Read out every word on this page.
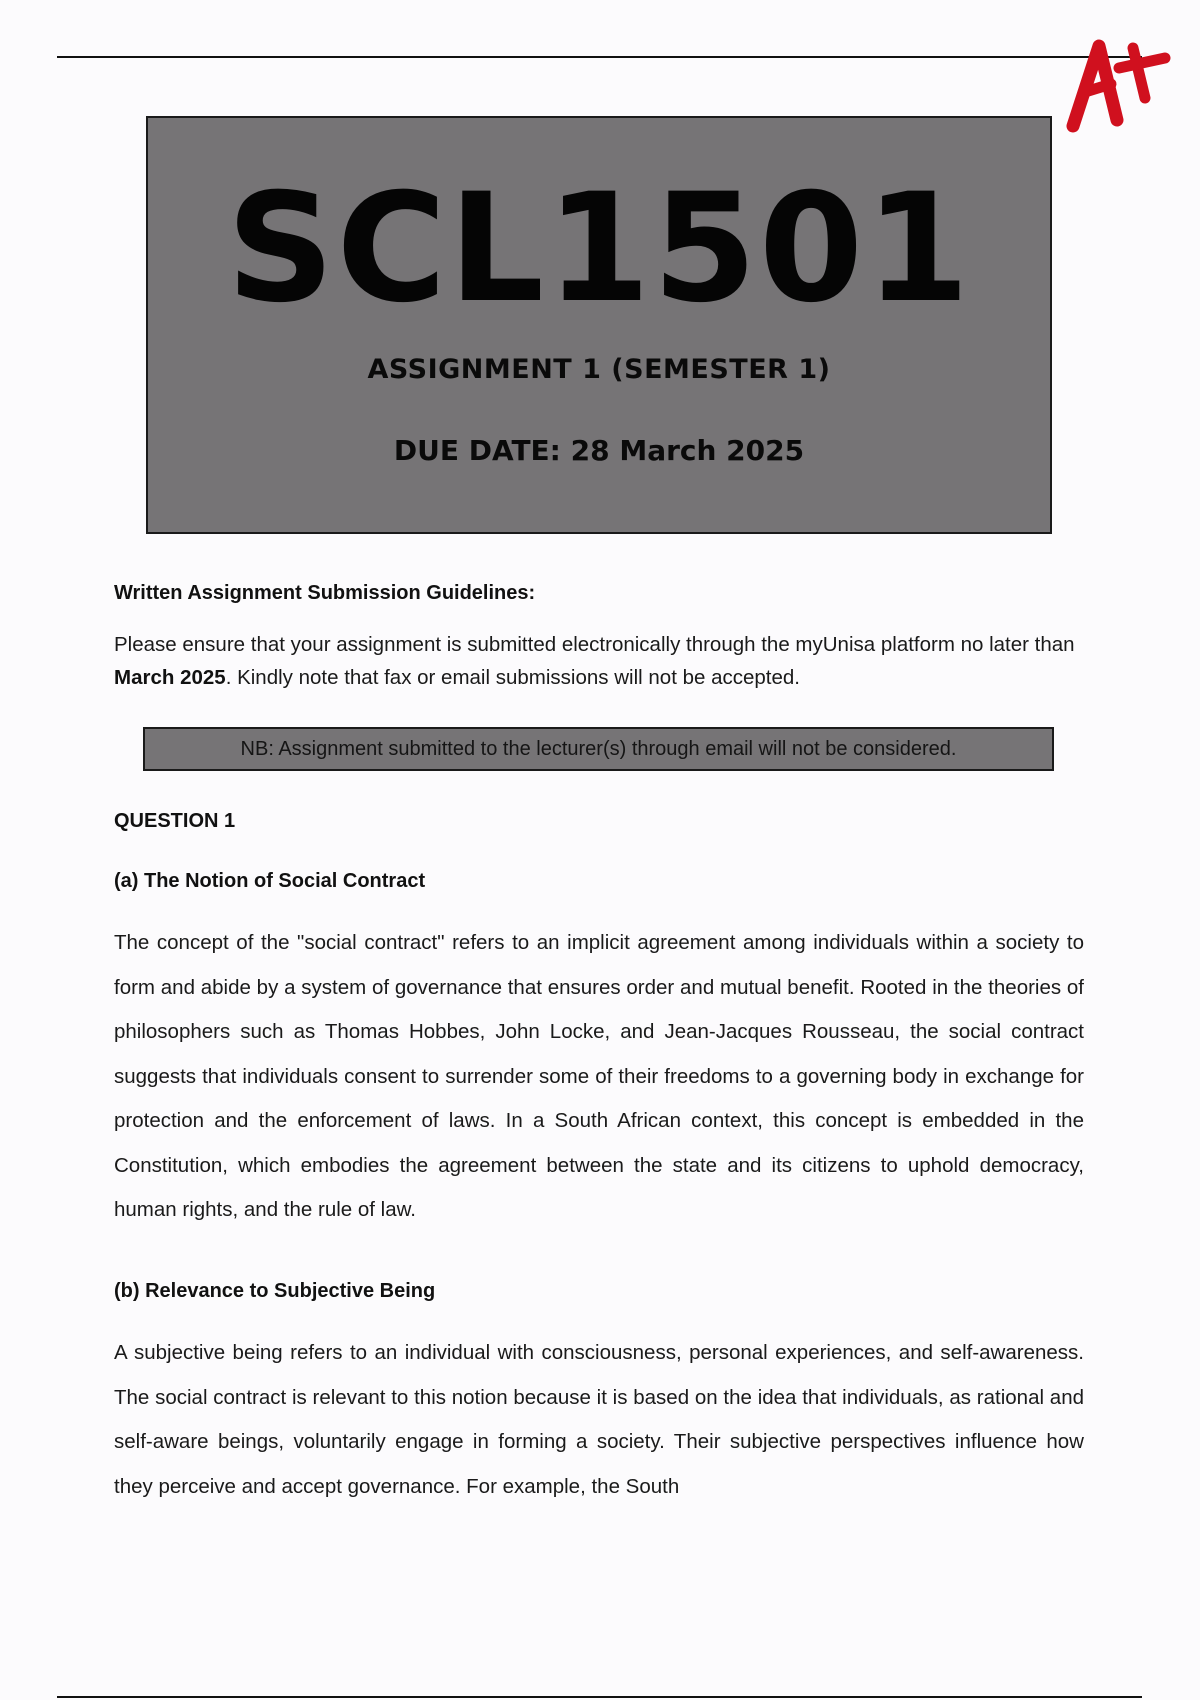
SCL1501
ASSIGNMENT 1 (SEMESTER 1)
DUE DATE: 28 March 2025
Written Assignment Submission Guidelines:
Please ensure that your assignment is submitted electronically through the myUnisa platform no later than March 2025. Kindly note that fax or email submissions will not be accepted.
NB: Assignment submitted to the lecturer(s) through email will not be considered.
QUESTION 1
(a) The Notion of Social Contract
The concept of the "social contract" refers to an implicit agreement among individuals within a society to form and abide by a system of governance that ensures order and mutual benefit. Rooted in the theories of philosophers such as Thomas Hobbes, John Locke, and Jean-Jacques Rousseau, the social contract suggests that individuals consent to surrender some of their freedoms to a governing body in exchange for protection and the enforcement of laws. In a South African context, this concept is embedded in the Constitution, which embodies the agreement between the state and its citizens to uphold democracy, human rights, and the rule of law.
(b) Relevance to Subjective Being
A subjective being refers to an individual with consciousness, personal experiences, and self-awareness. The social contract is relevant to this notion because it is based on the idea that individuals, as rational and self-aware beings, voluntarily engage in forming a society. Their subjective perspectives influence how they perceive and accept governance. For example, the South
